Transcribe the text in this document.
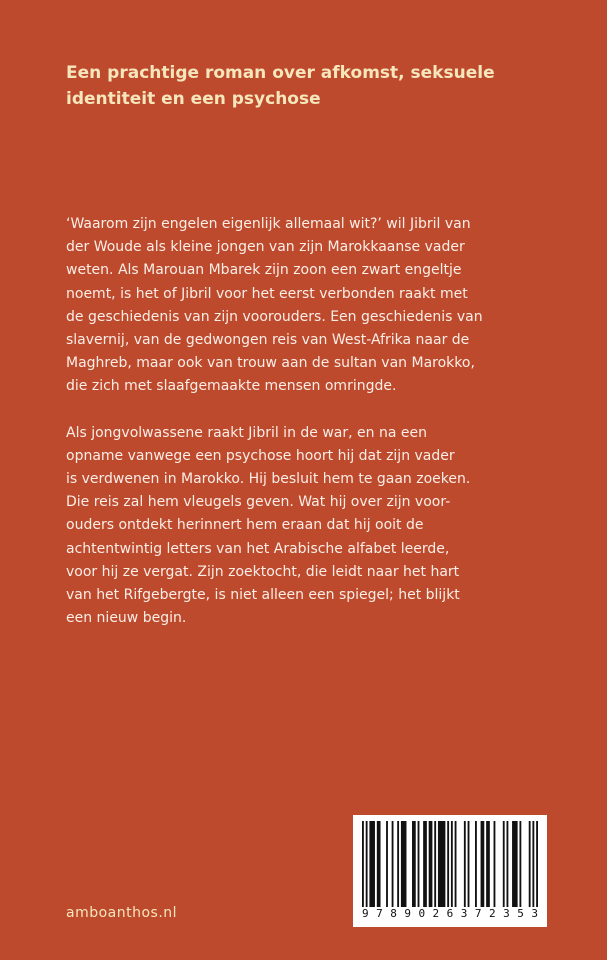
Een prachtige roman over afkomst, seksuele identiteit en een psychose

‘Waarom zijn engelen eigenlijk allemaal wit?’ wil Jibril van
der Woude als kleine jongen van zijn Marokkaanse vader
weten. Als Marouan Mbarek zijn zoon een zwart engeltje
noemt, is het of Jibril voor het eerst verbonden raakt met
de geschiedenis van zijn voorouders. Een geschiedenis van
slavernij, van de gedwongen reis van West-Afrika naar de
Maghreb, maar ook van trouw aan de sultan van Marokko,
die zich met slaafgemaakte mensen omringde.

Als jongvolwassene raakt Jibril in de war, en na een
opname vanwege een psychose hoort hij dat zijn vader
is verdwenen in Marokko. Hij besluit hem te gaan zoeken.
Die reis zal hem vleugels geven. Wat hij over zijn voor-
ouders ontdekt herinnert hem eraan dat hij ooit de
achtentwintig letters van het Arabische alfabet leerde,
voor hij ze vergat. Zijn zoektocht, die leidt naar het hart
van het Rifgebergte, is niet alleen een spiegel; het blijkt
een nieuw begin.

9 7 8 9 0 2 6 3 7 2 3 5 3

amboanthos.nl
